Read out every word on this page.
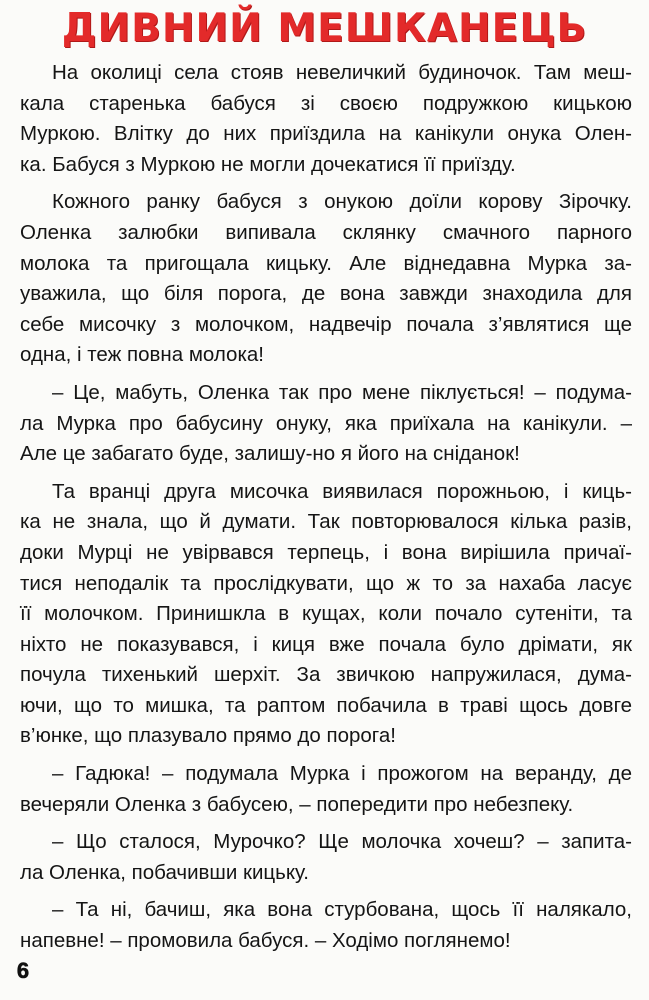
ДИВНИЙ МЕШКАНЕЦЬ
На околиці села стояв невеличкий будиночок. Там меш-
кала старенька бабуся зі своєю подружкою кицькою
Муркою. Влітку до них приїздила на канікули онука Олен-
ка. Бабуся з Муркою не могли дочекатися її приїзду.
Кожного ранку бабуся з онукою доїли корову Зірочку.
Оленка залюбки випивала склянку смачного парного
молока та пригощала кицьку. Але віднедавна Мурка за-
уважила, що біля порога, де вона завжди знаходила для
себе мисочку з молочком, надвечір почала з’являтися ще
одна, і теж повна молока!
– Це, мабуть, Оленка так про мене піклується! – подума-
ла Мурка про бабусину онуку, яка приїхала на канікули. –
Але це забагато буде, залишу-но я його на сніданок!
Та вранці друга мисочка виявилася порожньою, і киць-
ка не знала, що й думати. Так повторювалося кілька разів,
доки Мурці не увірвався терпець, і вона вирішила причаї-
тися неподалік та прослідкувати, що ж то за нахаба ласує
її молочком. Принишкла в кущах, коли почало сутеніти, та
ніхто не показувався, і киця вже почала було дрімати, як
почула тихенький шерхіт. За звичкою напружилася, дума-
ючи, що то мишка, та раптом побачила в траві щось довге
в’юнке, що плазувало прямо до порога!
– Гадюка! – подумала Мурка і прожогом на веранду, де
вечеряли Оленка з бабусею, – попередити про небезпеку.
– Що сталося, Мурочко? Ще молочка хочеш? – запита-
ла Оленка, побачивши кицьку.
– Та ні, бачиш, яка вона стурбована, щось її налякало,
напевне! – промовила бабуся. – Ходімо поглянемо!
6
